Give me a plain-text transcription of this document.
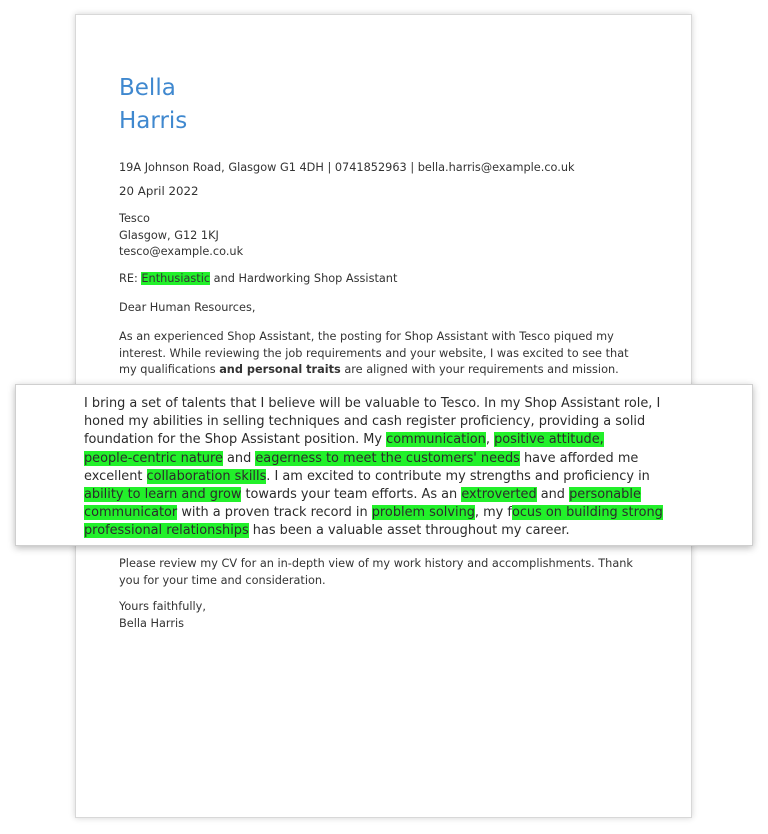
Bella
Harris

19A Johnson Road, Glasgow G1 4DH | 0741852963 | bella.harris@example.co.uk

20 April 2022

Tesco
Glasgow, G12 1KJ
tesco@example.co.uk

RE: Enthusiastic and Hardworking Shop Assistant

Dear Human Resources,

As an experienced Shop Assistant, the posting for Shop Assistant with Tesco piqued my
interest. While reviewing the job requirements and your website, I was excited to see that
my qualifications and personal traits are aligned with your requirements and mission.

Please review my CV for an in-depth view of my work history and accomplishments. Thank
you for your time and consideration.

Yours faithfully,
Bella Harris

I bring a set of talents that I believe will be valuable to Tesco. In my Shop Assistant role, I
honed my abilities in selling techniques and cash register proficiency, providing a solid
foundation for the Shop Assistant position. My communication, positive attitude,
people-centric nature and eagerness to meet the customers' needs have afforded me
excellent collaboration skills. I am excited to contribute my strengths and proficiency in
ability to learn and grow towards your team efforts. As an extroverted and personable
communicator with a proven track record in problem solving, my focus on building strong
professional relationships has been a valuable asset throughout my career.
